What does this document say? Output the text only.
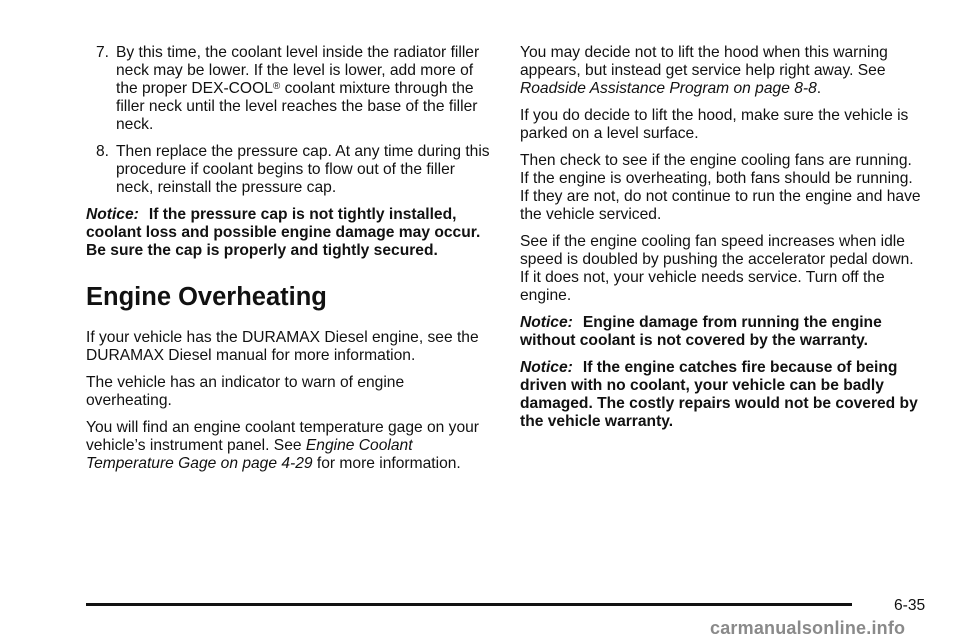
7. By this time, the coolant level inside the radiator filler neck may be lower. If the level is lower, add more of the proper DEX-COOL® coolant mixture through the filler neck until the level reaches the base of the filler neck.
8. Then replace the pressure cap. At any time during this procedure if coolant begins to flow out of the filler neck, reinstall the pressure cap.

Notice: If the pressure cap is not tightly installed, coolant loss and possible engine damage may occur. Be sure the cap is properly and tightly secured.

Engine Overheating

If your vehicle has the DURAMAX Diesel engine, see the DURAMAX Diesel manual for more information.

The vehicle has an indicator to warn of engine overheating.

You will find an engine coolant temperature gage on your vehicle’s instrument panel. See Engine Coolant Temperature Gage on page 4-29 for more information.

You may decide not to lift the hood when this warning appears, but instead get service help right away. See Roadside Assistance Program on page 8-8.

If you do decide to lift the hood, make sure the vehicle is parked on a level surface.

Then check to see if the engine cooling fans are running. If the engine is overheating, both fans should be running. If they are not, do not continue to run the engine and have the vehicle serviced.

See if the engine cooling fan speed increases when idle speed is doubled by pushing the accelerator pedal down. If it does not, your vehicle needs service. Turn off the engine.

Notice: Engine damage from running the engine without coolant is not covered by the warranty.

Notice: If the engine catches fire because of being driven with no coolant, your vehicle can be badly damaged. The costly repairs would not be covered by the vehicle warranty.

6-35
carmanualsonline.info
